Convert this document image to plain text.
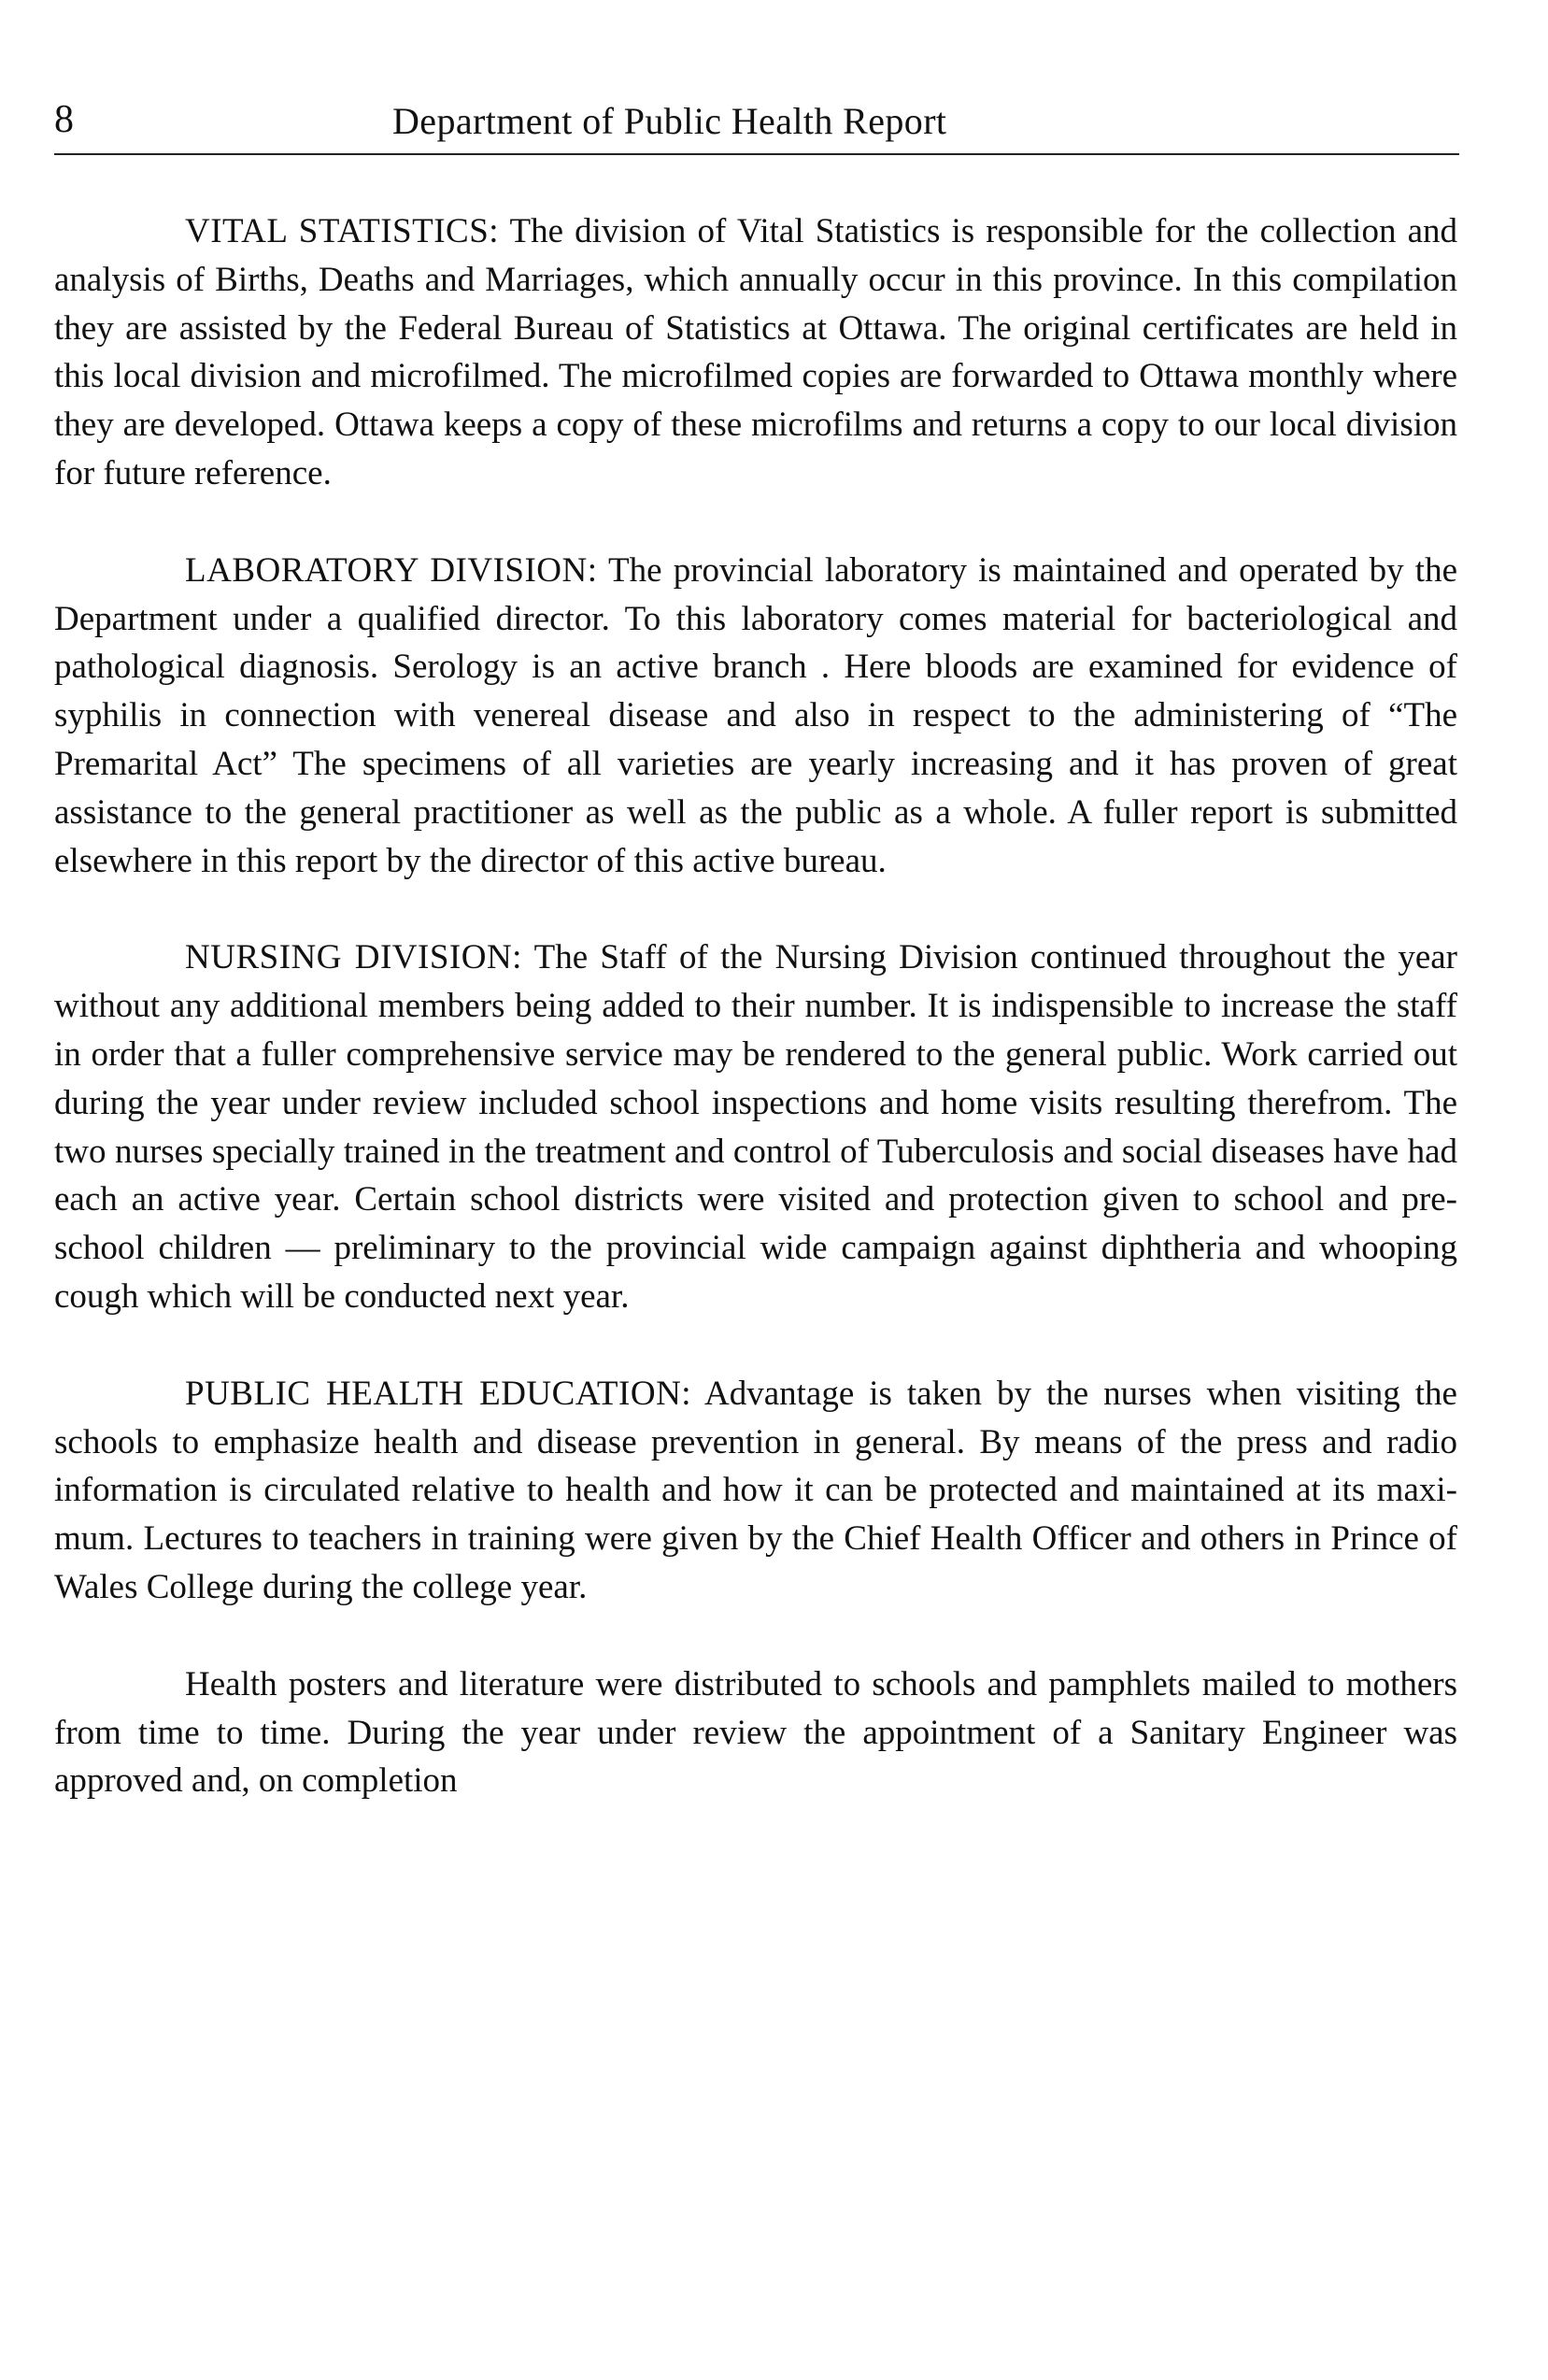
8	Department of Public Health Report

VITAL STATISTICS: The division of Vital Statistics is responsible for the collection and analysis of Births, Deaths and Marriages, which annually occur in this province. In this compilation they are assisted by the Federal Bureau of Statistics at Ottawa. The original certificates are held in this local division and microfilmed. The microfilmed copies are forwarded to Ottawa monthly where they are developed. Ottawa keeps a copy of these microfilms and returns a copy to our local division for future reference.

LABORATORY DIVISION: The provincial laboratory is maintained and operated by the Department under a qualified director. To this laboratory comes material for bacteriological and pathological diagnosis. Serology is an active branch . Here bloods are examined for evidence of syphilis in connection with venereal disease and also in respect to the administering of “The Premarital Act” The specimens of all varieties are yearly increasing and it has proven of great assistance to the general practitioner as well as the public as a whole. A fuller report is submitted elsewhere in this report by the director of this active bureau.

NURSING DIVISION: The Staff of the Nursing Division continued throughout the year without any additional members being added to their number. It is indispensible to increase the staff in order that a fuller comprehensive service may be rendered to the general public. Work carried out during the year under review included school inspections and home visits resulting therefrom. The two nurses specially trained in the treatment and control of Tuberculosis and social diseases have had each an active year. Certain school districts were visited and protection given to school and pre-school children — preliminary to the provincial wide campaign against diphtheria and whooping cough which will be conducted next year.

PUBLIC HEALTH EDUCATION: Advantage is taken by the nurses when visiting the schools to emphasize health and disease prevention in general. By means of the press and radio information is circulated relative to health and how it can be protected and maintained at its maximum. Lectures to teachers in training were given by the Chief Health Officer and others in Prince of Wales College during the college year.

Health posters and literature were distributed to schools and pamphlets mailed to mothers from time to time. During the year under review the appointment of a Sanitary Engineer was approved and, on completion
